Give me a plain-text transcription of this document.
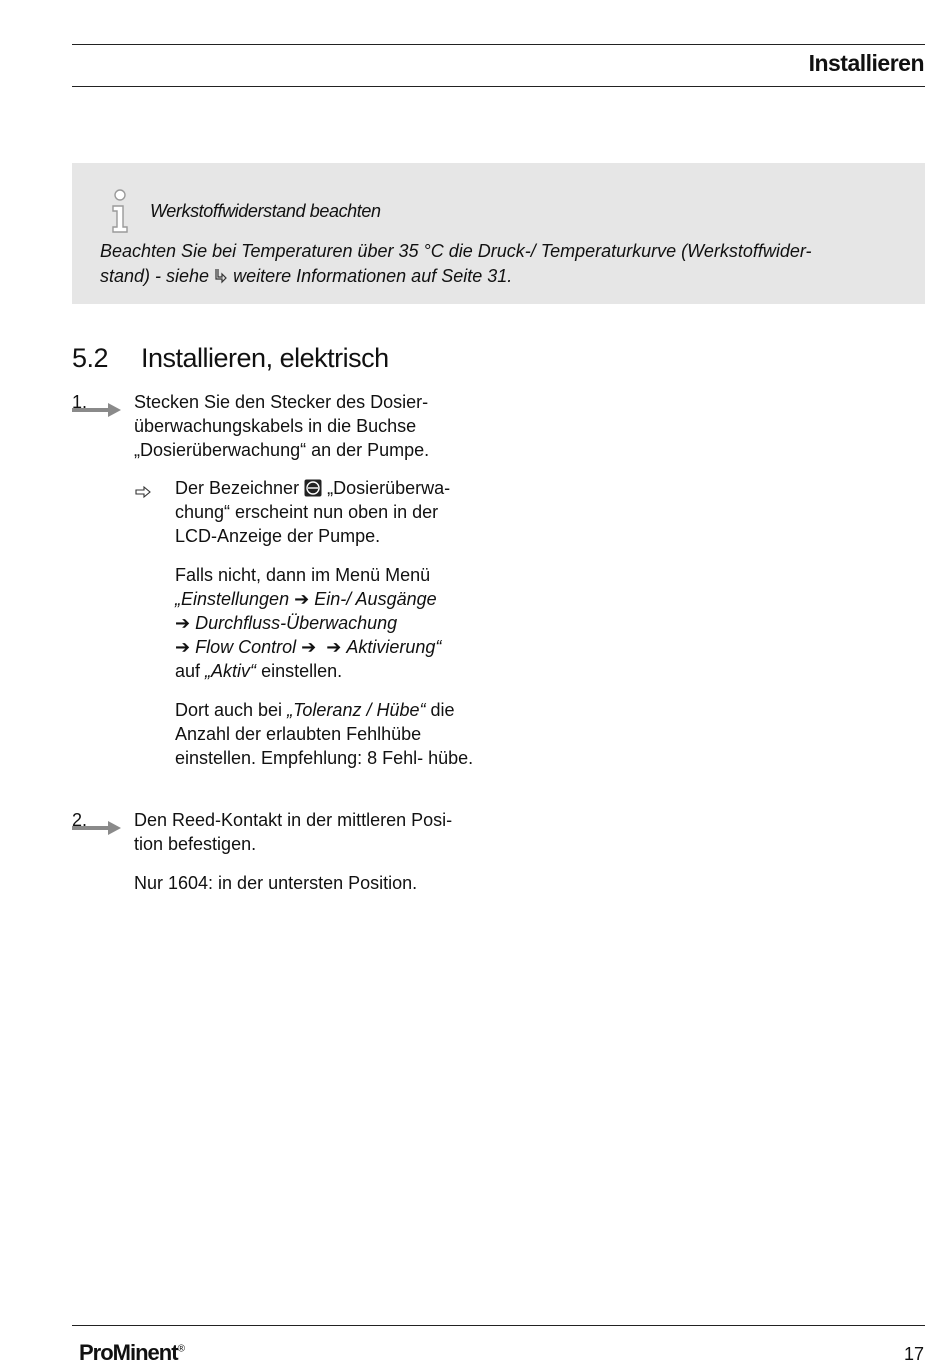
Installieren
Werkstoffwiderstand beachten
Beachten Sie bei Temperaturen über 35 °C die Druck-/ Temperaturkurve (Werkstoffwider-
stand) - siehe weitere Informationen auf Seite 31.
5.2 Installieren, elektrisch
1.	Stecken Sie den Stecker des Dosier- überwachungskabels in die Buchse „Dosierüberwachung“ an der Pumpe.
Der Bezeichner „Dosierüberwa- chung“ erscheint nun oben in der LCD-Anzeige der Pumpe.
Falls nicht, dann im Menü Menü
„Einstellungen ➔ Ein-/ Ausgänge
➔ Durchfluss-Überwachung
➔ Flow Control ➔ ➔ Aktivierung“
auf „Aktiv“ einstellen.
Dort auch bei „Toleranz / Hübe“ die Anzahl der erlaubten Fehlhübe einstellen. Empfehlung: 8 Fehl- hübe.
2.	Den Reed-Kontakt in der mittleren Posi- tion befestigen.
Nur 1604: in der untersten Position.
ProMinent®	17
